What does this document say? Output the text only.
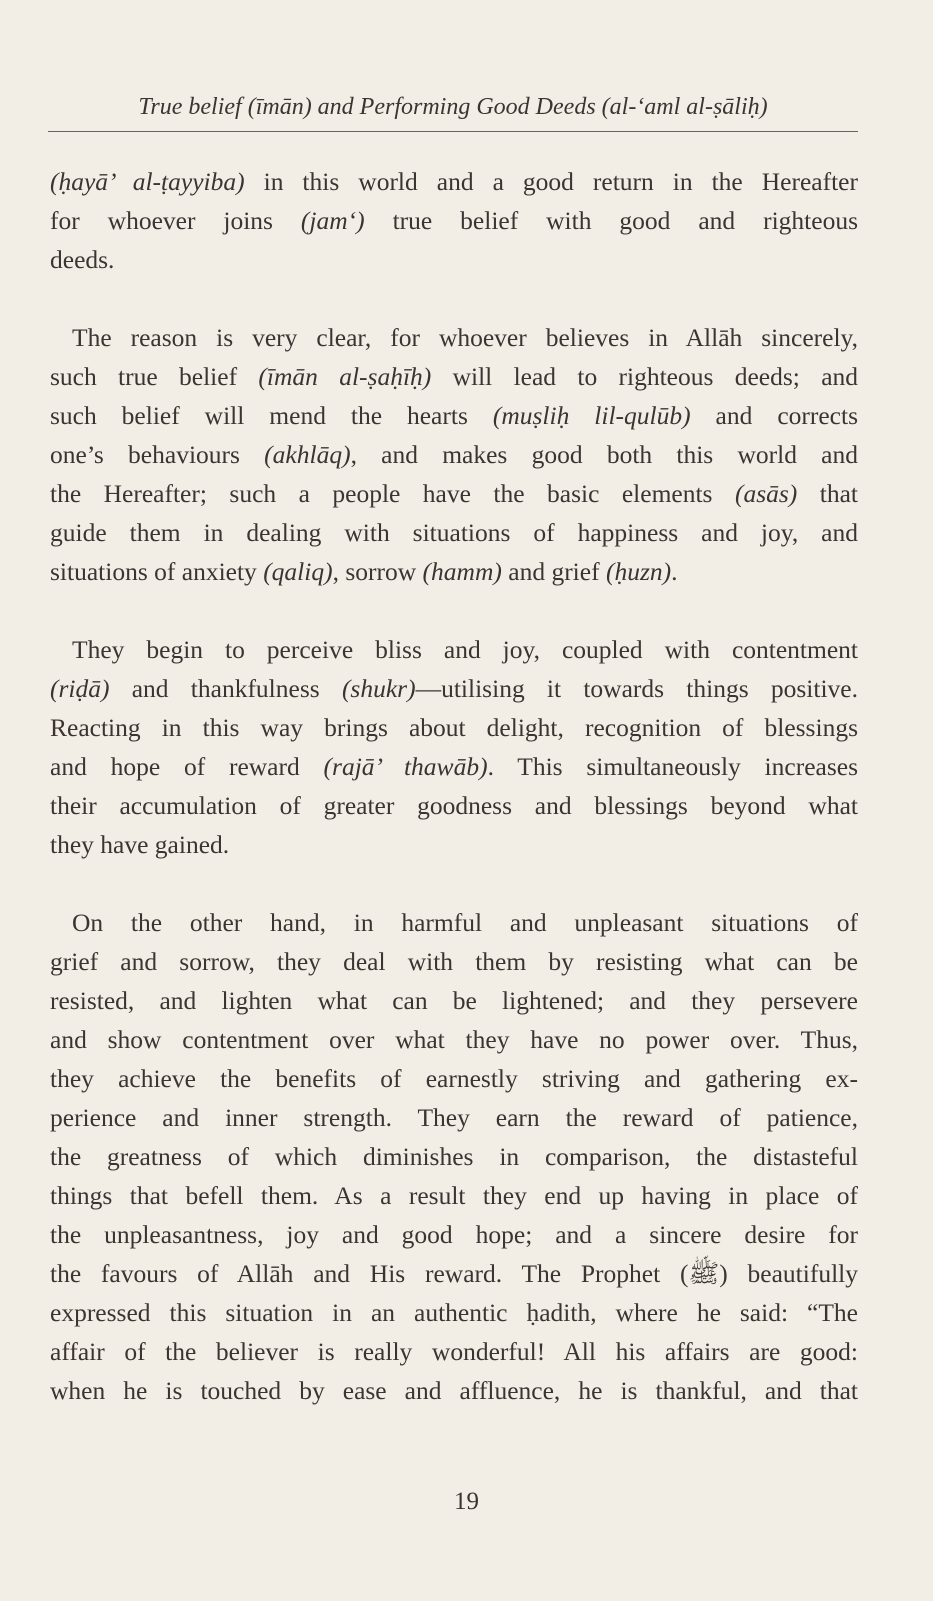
True belief (īmān) and Performing Good Deeds (al-‘aml al-ṣāliḥ)
(ḥayā’ al-ṭayyiba) in this world and a good return in the Hereafter
for whoever joins (jam‘) true belief with good and righteous
deeds.
The reason is very clear, for whoever believes in Allāh sincerely,
such true belief (īmān al-ṣaḥīḥ) will lead to righteous deeds; and
such belief will mend the hearts (muṣliḥ lil-qulūb) and corrects
one’s behaviours (akhlāq), and makes good both this world and
the Hereafter; such a people have the basic elements (asās) that
guide them in dealing with situations of happiness and joy, and
situations of anxiety (qaliq), sorrow (hamm) and grief (ḥuzn).
They begin to perceive bliss and joy, coupled with contentment
(riḍā) and thankfulness (shukr)—utilising it towards things positive.
Reacting in this way brings about delight, recognition of blessings
and hope of reward (rajā’ thawāb). This simultaneously increases
their accumulation of greater goodness and blessings beyond what
they have gained.
On the other hand, in harmful and unpleasant situations of
grief and sorrow, they deal with them by resisting what can be
resisted, and lighten what can be lightened; and they persevere
and show contentment over what they have no power over. Thus,
they achieve the benefits of earnestly striving and gathering ex-
perience and inner strength. They earn the reward of patience,
the greatness of which diminishes in comparison, the distasteful
things that befell them. As a result they end up having in place of
the unpleasantness, joy and good hope; and a sincere desire for
the favours of Allāh and His reward. The Prophet (ﷺ) beautifully
expressed this situation in an authentic ḥadith, where he said: “The
affair of the believer is really wonderful! All his affairs are good:
when he is touched by ease and affluence, he is thankful, and that
19
